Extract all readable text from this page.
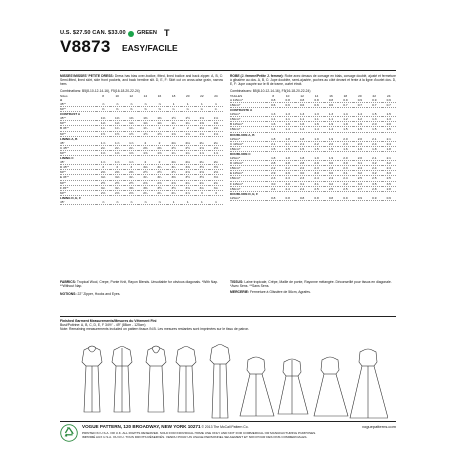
U.S. $27.50 CAN. $33.00 GREEN T
V8873 EASY/FACILE
MISSES'/MISSES' PETITE DRESS: Dress has bias over-bodice, fitted, lined bodice and back zipper. A, B, C: Semi-fitted, lined skirt, side front pockets, and back hemline slit. D, E, F: Skirt cut on cross-wise grain, narrow hem.
Combinations: B5(8-10-12-14-16), F5(16-18-20-22-24)
Sizes	8	10	12	14	16	18	20	22	24
A									
45"*	⅞	⅞	⅞	⅞	⅞	1	1	1	1
60"*	⅝	⅝	⅝	⅝	⅝	¾	¾	¾	¾
CONTRAST A									
45"*	1⅜	1⅜	1⅜	1⅜	1⅜	1½	1½	1⅝	1⅝
60"*	1⅛	1⅛	1⅛	1⅛	1⅛	1¼	1¼	1⅜	1⅜
B 45"*	1¾	1¾	1¾	1¾	2	2	2	2⅛	2⅛
60"*	1½	1½	1½	1½	1½	1⅝	1⅝	1⅝	1⅝
LINING A, B									
45"	1⅞	1⅞	1⅞	2	2	2⅛	2⅛	2¼	2¼
C 45"*	2¼	2¼	2¼	2⅜	2⅜	2½	2½	2⅝	2⅝
60"*	1⅝	1⅝	1⅝	1⅝	1⅝	1¾	1¾	1⅞	1⅞
LINING C									
45"	1⅞	1⅞	1⅞	2	2	2⅛	2⅛	2¼	2¼
D 45"*	3	3	3	3⅛	3¼	3¼	3⅜	3½	3½
60"*	2⅜	2⅜	2⅜	2½	2½	2½	2⅝	2⅝	2⅝
E 45"*	3⅛	3⅛	3¼	3¼	3¼	3⅜	3½	3½	3⅝
60"*	2½	2½	2½	2⅝	2⅝	2⅝	2¾	2¾	2¾
F 45"*	3¼	3¼	3⅜	3⅜	3½	3½	3⅝	3¾	3¾
60"*	2⅝	2⅝	2⅝	2¾	2¾	2¾	2⅞	3	3
LINING D, E, F									
45"	⅞	⅞	⅞	⅞	⅞	1	1	1	1
ROBE (J. femme/Petite J. femme): Robe avec dessus de corsage en biais, corsage doublé, ajusté et fermeture à glissière au dos. A, B, C: Jupe doublée, semi-ajustée, poches au côté devant et fente à la ligne d'ourlet dos. D, E, F: Jupe coupée sur le fil de trame, ourlet étroit.
Combinaisons: B5(8-10-12-14-16), F5(16-18-20-22-24)
TAILLES	8	10	12	14	16	18	20	22	24
A 115cm*	0.8	0.8	0.8	0.8	0.8	0.9	0.9	0.9	0.9
150cm*	0.6	0.6	0.6	0.6	0.6	0.7	0.7	0.7	0.7
CONTRASTE A									
115cm*	1.3	1.3	1.3	1.3	1.3	1.4	1.4	1.5	1.5
150cm*	1.1	1.1	1.1	1.1	1.1	1.2	1.2	1.3	1.3
B 115cm*	1.6	1.6	1.6	1.6	1.9	1.9	1.9	2.0	2.0
150cm*	1.4	1.4	1.4	1.4	1.4	1.5	1.5	1.5	1.5
DOUBLURE A, B									
115cm*	1.8	1.8	1.8	1.9	1.9	2.0	2.0	2.1	2.1
C 115cm*	2.1	2.1	2.1	2.2	2.2	2.3	2.3	2.4	2.4
150cm*	1.5	1.5	1.5	1.5	1.5	1.6	1.6	1.8	1.8
DOUBLURE C									
115cm*	1.8	1.8	1.8	1.9	1.9	2.0	2.0	2.1	2.1
D 115cm*	2.8	2.8	2.8	2.9	3.0	3.0	3.1	3.2	3.2
150cm*	2.2	2.2	2.2	2.3	2.3	2.3	2.4	2.4	2.4
E 115cm*	2.9	2.9	3.0	3.0	3.0	3.1	3.2	3.2	3.3
150cm*	2.3	2.3	2.3	2.4	2.4	2.4	2.5	2.5	2.5
F 115cm*	3.0	3.0	3.1	3.1	3.2	3.2	3.3	3.5	3.5
150cm*	2.4	2.4	2.4	2.5	2.5	2.5	2.7	2.8	2.8
DOUBLURE D, E, F									
115cm*	0.8	0.8	0.8	0.8	0.8	0.9	0.9	0.9	0.9
FABRICS: Tropical Wool, Crepe, Ponte Knit, Rayon Blends. Unsuitable for obvious diagonals. *With Nap. **Without Nap.
NOTIONS: 22" Zipper, Hooks and Eyes.
TISSUS: Laine tropicale, Crêpe, Maille de ponte, Rayonne mélangée. Déconseillé pour tissus en diagonale. *Avec Sens. **Sans Sens.
MERCERIE: Fermeture à Glissière de 56cm, Agrafes.
Finished Garment Measurements/Mesures du Vêtement Fini
Bust/Poitrine: A, B, C, D, E, F 34½" - 49" (88cm - 125cm)
Note: Remaining measurements included on pattern tissue./N.B. Les mesures restantes sont imprimées sur le tissu de patron.
VOGUE PATTERN, 120 BROADWAY, NEW YORK 10271 © 2013 The McCall Pattern Co.	voguepatterns.com
PRINTED IN U.S.A. OR U.K. ALL RIGHTS RESERVED. SOLD FOR INDIVIDUAL HOME USE ONLY AND NOT FOR COMMERCIAL OR MANUFACTURING PURPOSES.
IMPRIMÉ AUX U.S.A. OU R.U. TOUS DROITS RÉSERVÉS. VENDU POUR UN USAGE PERSONNEL SEULEMENT ET NON POUR DES FINS COMMERCIALES.
